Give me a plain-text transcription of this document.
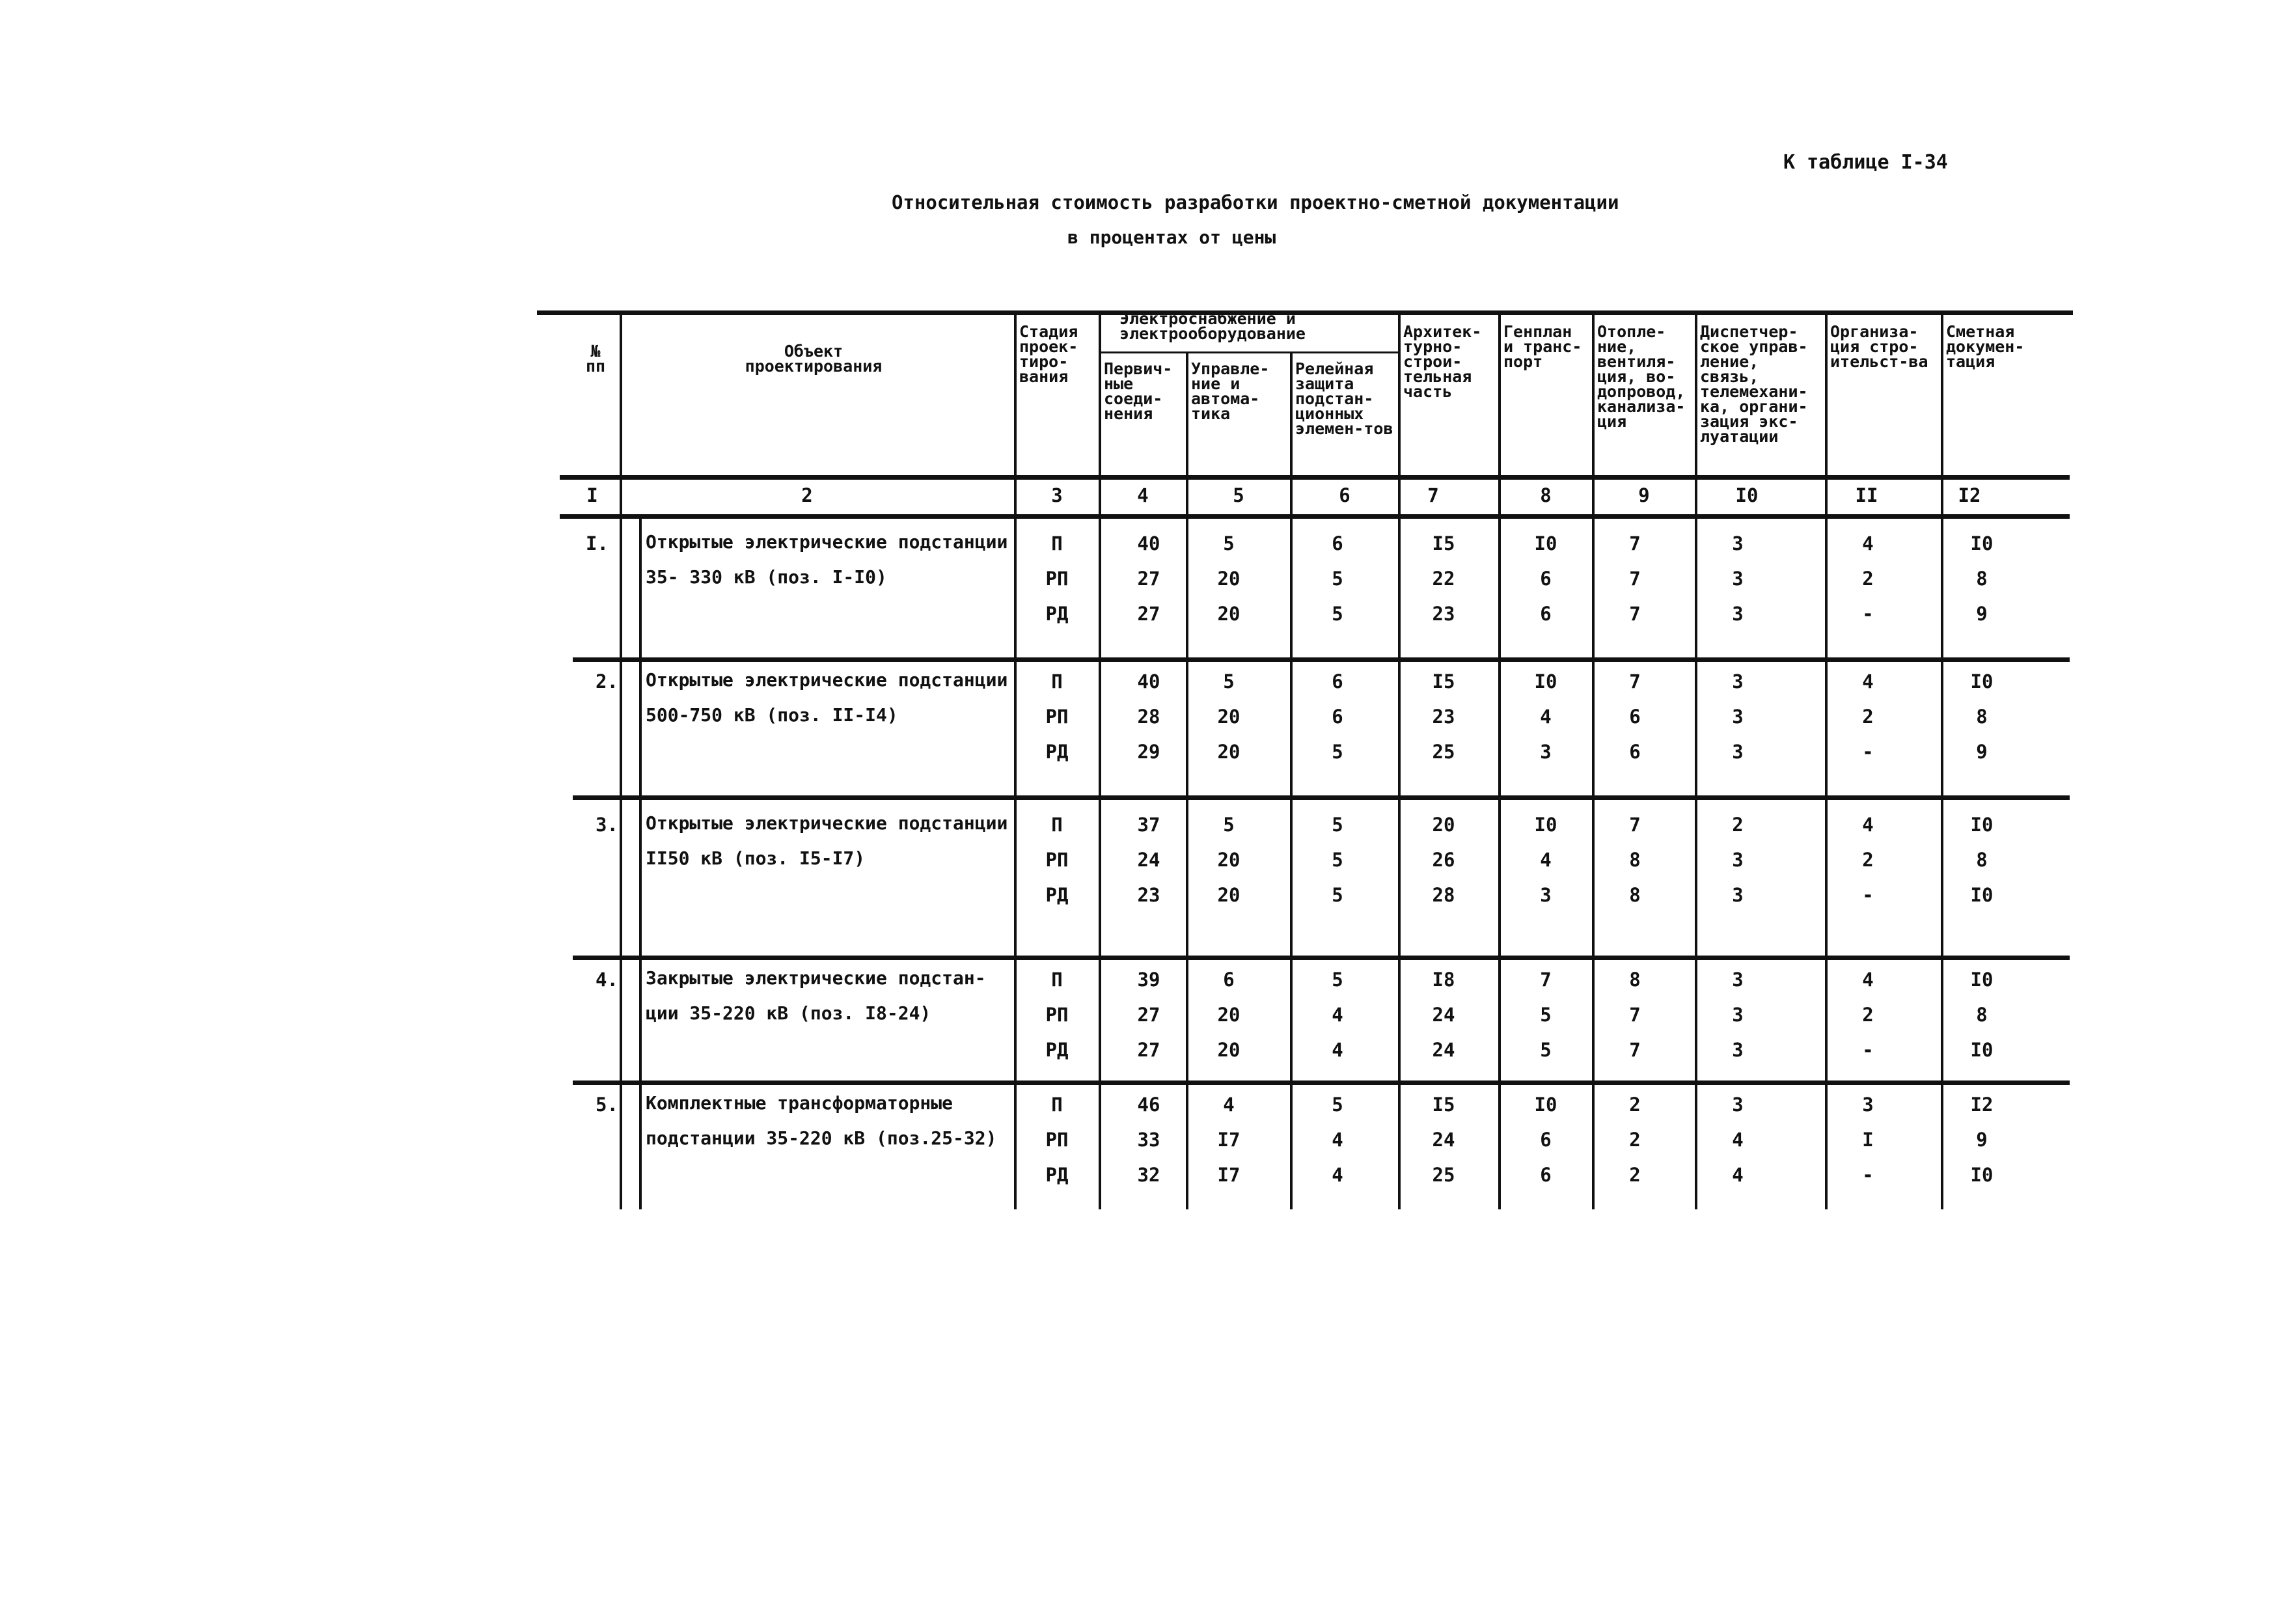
К таблице I-34
Относительная стоимость разработки проектно-сметной документации
в процентах от цены
№ пп
Объект проектирования
Стадия проек-тиро-вания
Электроснабжение и электрооборудование
Первич-ные соеди-нения
Управле-ние и автома-тика
Релейная защита подстан-ционных элемен-тов
Архитек-турно-строи-тельная часть
Генплан и транс-порт
Отопле-ние, вентиля-ция, во-допровод, канализа-ция
Диспетчер-ское управ-ление, связь, телемехани-ка, органи-зация экс-луатации
Организа-ция стро-ительст-ва
Сметная докумен-тация
I	2	3	4	5	6	7	8	9	I0	II	I2
I. Открытые электрические подстанции
35- 330 кВ (поз. I-I0)
П	40	5	6	I5	I0	7	3	4	I0
РП	27	20	5	22	6	7	3	2	8
РД	27	20	5	23	6	7	3	-	9
2. Открытые электрические подстанции
500-750 кВ (поз. II-I4)
П	40	5	6	I5	I0	7	3	4	I0
РП	28	20	6	23	4	6	3	2	8
РД	29	20	5	25	3	6	3	-	9
3. Открытые электрические подстанции
II50 кВ (поз. I5-I7)
П	37	5	5	20	I0	7	2	4	I0
РП	24	20	5	26	4	8	3	2	8
РД	23	20	5	28	3	8	3	-	I0
4. Закрытые электрические подстан-
ции 35-220 кВ (поз. I8-24)
П	39	6	5	I8	7	8	3	4	I0
РП	27	20	4	24	5	7	3	2	8
РД	27	20	4	24	5	7	3	-	I0
5. Комплектные трансформаторные
подстанции 35-220 кВ (поз.25-32)
П	46	4	5	I5	I0	2	3	3	I2
РП	33	I7	4	24	6	2	4	I	9
РД	32	I7	4	25	6	2	4	-	I0
